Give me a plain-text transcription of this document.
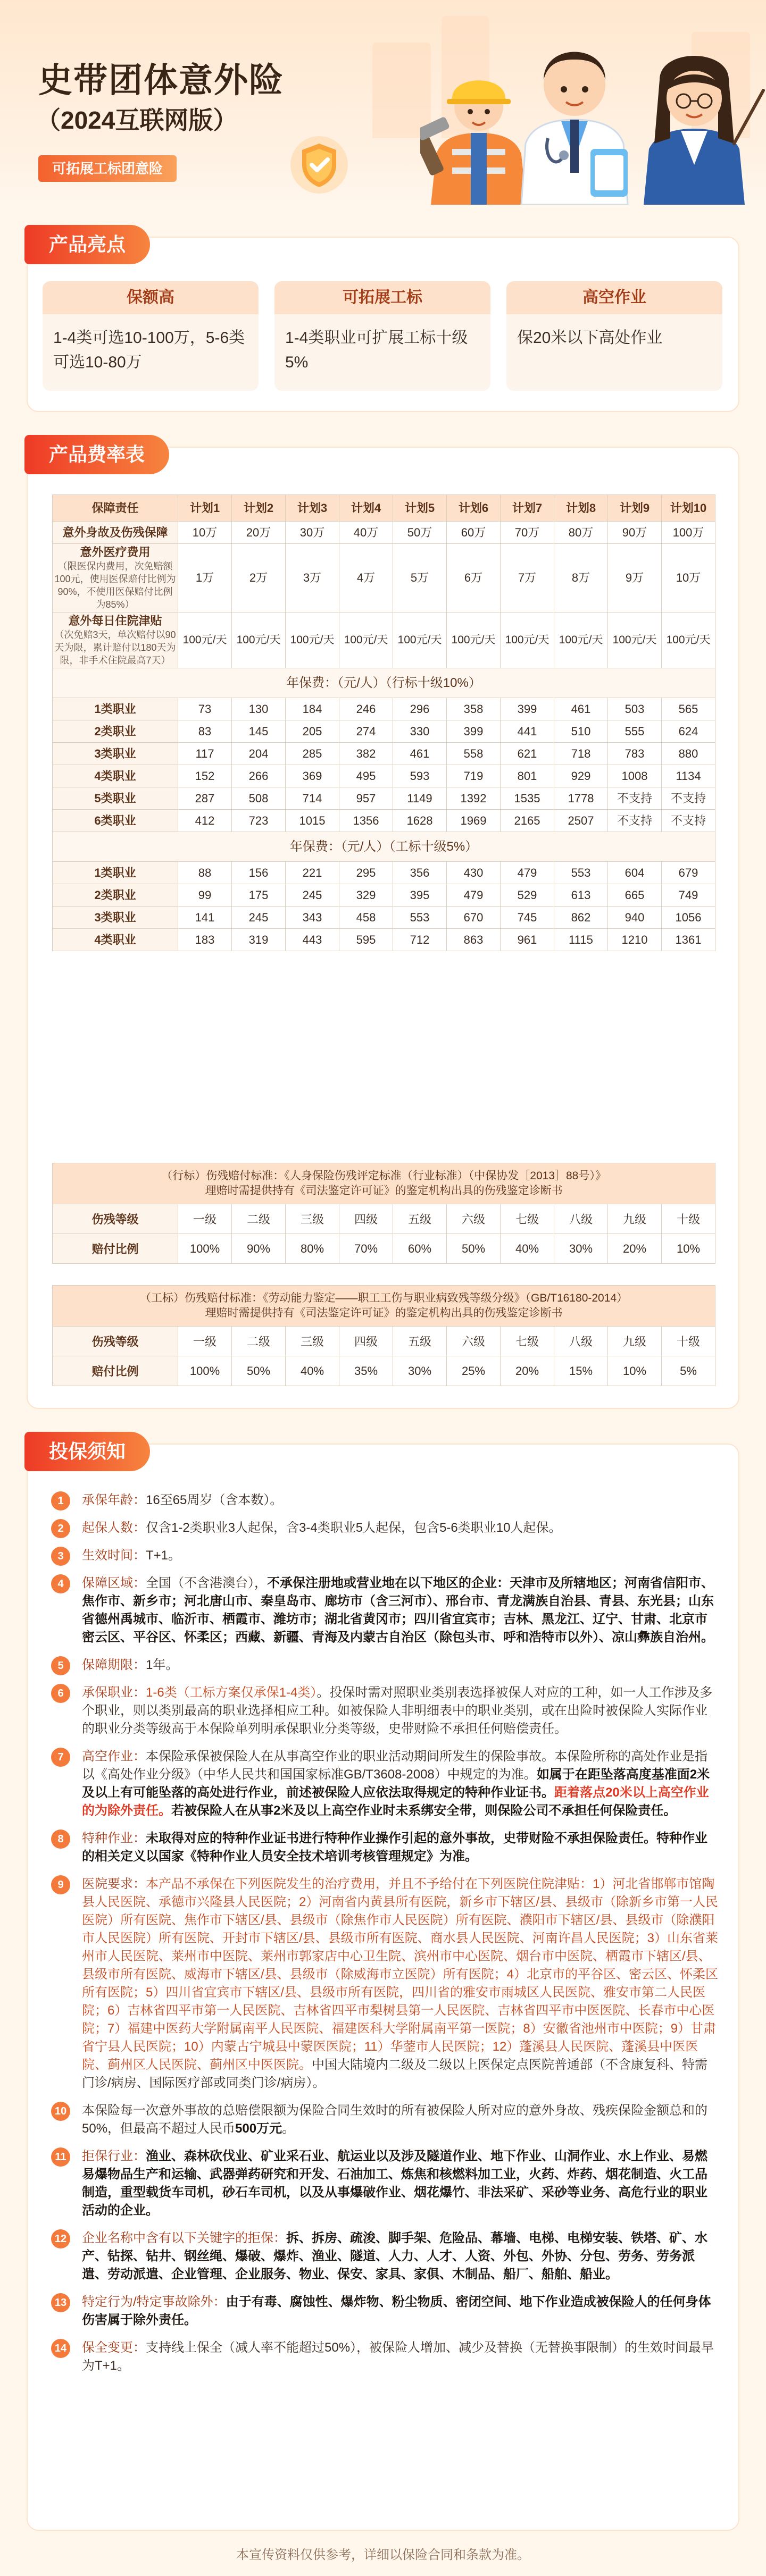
史带团体意外险
（2024互联网版）
可拓展工标团意险
产品亮点
保额高
1-4类可选10-100万，5-6类可选10-80万
可拓展工标
1-4类职业可扩展工标十级5%
高空作业
保20米以下高处作业
产品费率表
保障责任	计划1	计划2	计划3	计划4	计划5	计划6	计划7	计划8	计划9	计划10
意外身故及伤残保障	10万	20万	30万	40万	50万	60万	70万	80万	90万	100万
意外医疗费用
（限医保内费用，次免赔额100元，使用医保赔付比例为90%，不使用医保赔付比例为85%）	1万	2万	3万	4万	5万	6万	7万	8万	9万	10万
意外每日住院津贴
（次免赔3天，单次赔付以90天为限，累计赔付以180天为限，非手术住院最高7天）	100元/天	100元/天	100元/天	100元/天	100元/天	100元/天	100元/天	100元/天	100元/天	100元/天
年保费：（元/人）（行标十级10%）										
1类职业	73	130	184	246	296	358	399	461	503	565
2类职业	83	145	205	274	330	399	441	510	555	624
3类职业	117	204	285	382	461	558	621	718	783	880
4类职业	152	266	369	495	593	719	801	929	1008	1134
5类职业	287	508	714	957	1149	1392	1535	1778	不支持	不支持
6类职业	412	723	1015	1356	1628	1969	2165	2507	不支持	不支持
年保费：（元/人）（工标十级5%）										
1类职业	88	156	221	295	356	430	479	553	604	679
2类职业	99	175	245	329	395	479	529	613	665	749
3类职业	141	245	343	458	553	670	745	862	940	1056
4类职业	183	319	443	595	712	863	961	1115	1210	1361
（行标）伤残赔付标准：《人身保险伤残评定标准（行业标准）（中保协发［2013］88号）》
理赔时需提供持有《司法鉴定许可证》的鉴定机构出具的伤残鉴定诊断书										
伤残等级	一级	二级	三级	四级	五级	六级	七级	八级	九级	十级
赔付比例	100%	90%	80%	70%	60%	50%	40%	30%	20%	10%
（工标）伤残赔付标准：《劳动能力鉴定——职工工伤与职业病致残等级分级》（GB/T16180-2014）
理赔时需提供持有《司法鉴定许可证》的鉴定机构出具的伤残鉴定诊断书										
伤残等级	一级	二级	三级	四级	五级	六级	七级	八级	九级	十级
赔付比例	100%	50%	40%	35%	30%	25%	20%	15%	10%	5%
投保须知
1	承保年龄：16至65周岁（含本数）。
2	起保人数：仅含1-2类职业3人起保，含3-4类职业5人起保，包含5-6类职业10人起保。
3	生效时间：T+1。
4	保障区域：全国（不含港澳台），不承保注册地或营业地在以下地区的企业：天津市及所辖地区；河南省信阳市、焦作市、新乡市；河北唐山市、秦皇岛市、廊坊市（含三河市）、邢台市、青龙满族自治县、青县、东光县；山东省德州禹城市、临沂市、栖霞市、潍坊市；湖北省黄冈市；四川省宜宾市；吉林、黑龙江、辽宁、甘肃、北京市密云区、平谷区、怀柔区；西藏、新疆、青海及内蒙古自治区（除包头市、呼和浩特市以外）、凉山彝族自治州。
5	保障期限：1年。
6	承保职业：1-6类（工标方案仅承保1-4类）。投保时需对照职业类别表选择被保人对应的工种，如一人工作涉及多个职业，则以类别最高的职业选择相应工种。如被保险人非明细表中的职业类别，或在出险时被保险人实际作业的职业分类等级高于本保险单列明承保职业分类等级，史带财险不承担任何赔偿责任。
7	高空作业：本保险承保被保险人在从事高空作业的职业活动期间所发生的保险事故。本保险所称的高处作业是指以《高处作业分级》（中华人民共和国国家标准GB/T3608-2008）中规定的为准。如属于在距坠落高度基准面2米及以上有可能坠落的高处进行作业，前述被保险人应依法取得规定的特种作业证书。距着落点20米以上高空作业的为除外责任。若被保险人在从事2米及以上高空作业时未系绑安全带，则保险公司不承担任何保险责任。
8	特种作业：未取得对应的特种作业证书进行特种作业操作引起的意外事故，史带财险不承担保险责任。特种作业的相关定义以国家《特种作业人员安全技术培训考核管理规定》为准。
9	医院要求：本产品不承保在下列医院发生的治疗费用，并且不予给付在下列医院住院津贴：1）河北省邯郸市馆陶县人民医院、承德市兴隆县人民医院；2）河南省内黄县所有医院，新乡市下辖区/县、县级市（除新乡市第一人民医院）所有医院、焦作市下辖区/县、县级市（除焦作市人民医院）所有医院、濮阳市下辖区/县、县级市（除濮阳市人民医院）所有医院、开封市下辖区/县、县级市所有医院、商水县人民医院、河南许昌人民医院；3）山东省莱州市人民医院、莱州市中医院、莱州市郭家店中心卫生院、滨州市中心医院、烟台市中医院、栖霞市下辖区/县、县级市所有医院、威海市下辖区/县、县级市（除威海市立医院）所有医院；4）北京市的平谷区、密云区、怀柔区所有医院；5）四川省宜宾市下辖区/县、县级市所有医院，四川省的雅安市雨城区人民医院、雅安市第二人民医院；6）吉林省四平市第一人民医院、吉林省四平市梨树县第一人民医院、吉林省四平市中医医院、长春市中心医院；7）福建中医药大学附属南平人民医院、福建医科大学附属南平第一医院；8）安徽省池州市中医院；9）甘肃省宁县人民医院；10）内蒙古宁城县中蒙医医院；11）华蓥市人民医院；12）蓬溪县人民医院、蓬溪县中医医院、蓟州区人民医院、蓟州区中医医院。中国大陆境内二级及二级以上医保定点医院普通部（不含康复科、特需门诊/病房、国际医疗部或同类门诊/病房）。
10 本保险每一次意外事故的总赔偿限额为保险合同生效时的所有被保险人所对应的意外身故、残疾保险金额总和的50%，但最高不超过人民币500万元。
11	拒保行业：渔业、森林砍伐业、矿业采石业、航运业以及涉及隧道作业、地下作业、山洞作业、水上作业、易燃易爆物品生产和运输、武器弹药研究和开发、石油加工、炼焦和核燃料加工业，火药、炸药、烟花制造、火工品制造，重型载货车司机，砂石车司机，以及从事爆破作业、烟花爆竹、非法采矿、采砂等业务、高危行业的职业活动的企业。
12 企业名称中含有以下关键字的拒保：拆、拆房、疏浚、脚手架、危险品、幕墙、电梯、电梯安装、铁塔、矿、水产、钻探、钻井、钢丝绳、爆破、爆炸、渔业、隧道、人力、人才、人资、外包、外协、分包、劳务、劳务派遣、劳动派遣、企业管理、企业服务、物业、保安、家具、家俱、木制品、船厂、船舶、船业。
13 特定行为/特定事故除外：由于有毒、腐蚀性、爆炸物、粉尘物质、密闭空间、地下作业造成被保险人的任何身体伤害属于除外责任。
14 保全变更：支持线上保全（减人率不能超过50%），被保险人增加、减少及替换（无替换事限制）的生效时间最早为T+1。
本宣传资料仅供参考，详细以保险合同和条款为准。
